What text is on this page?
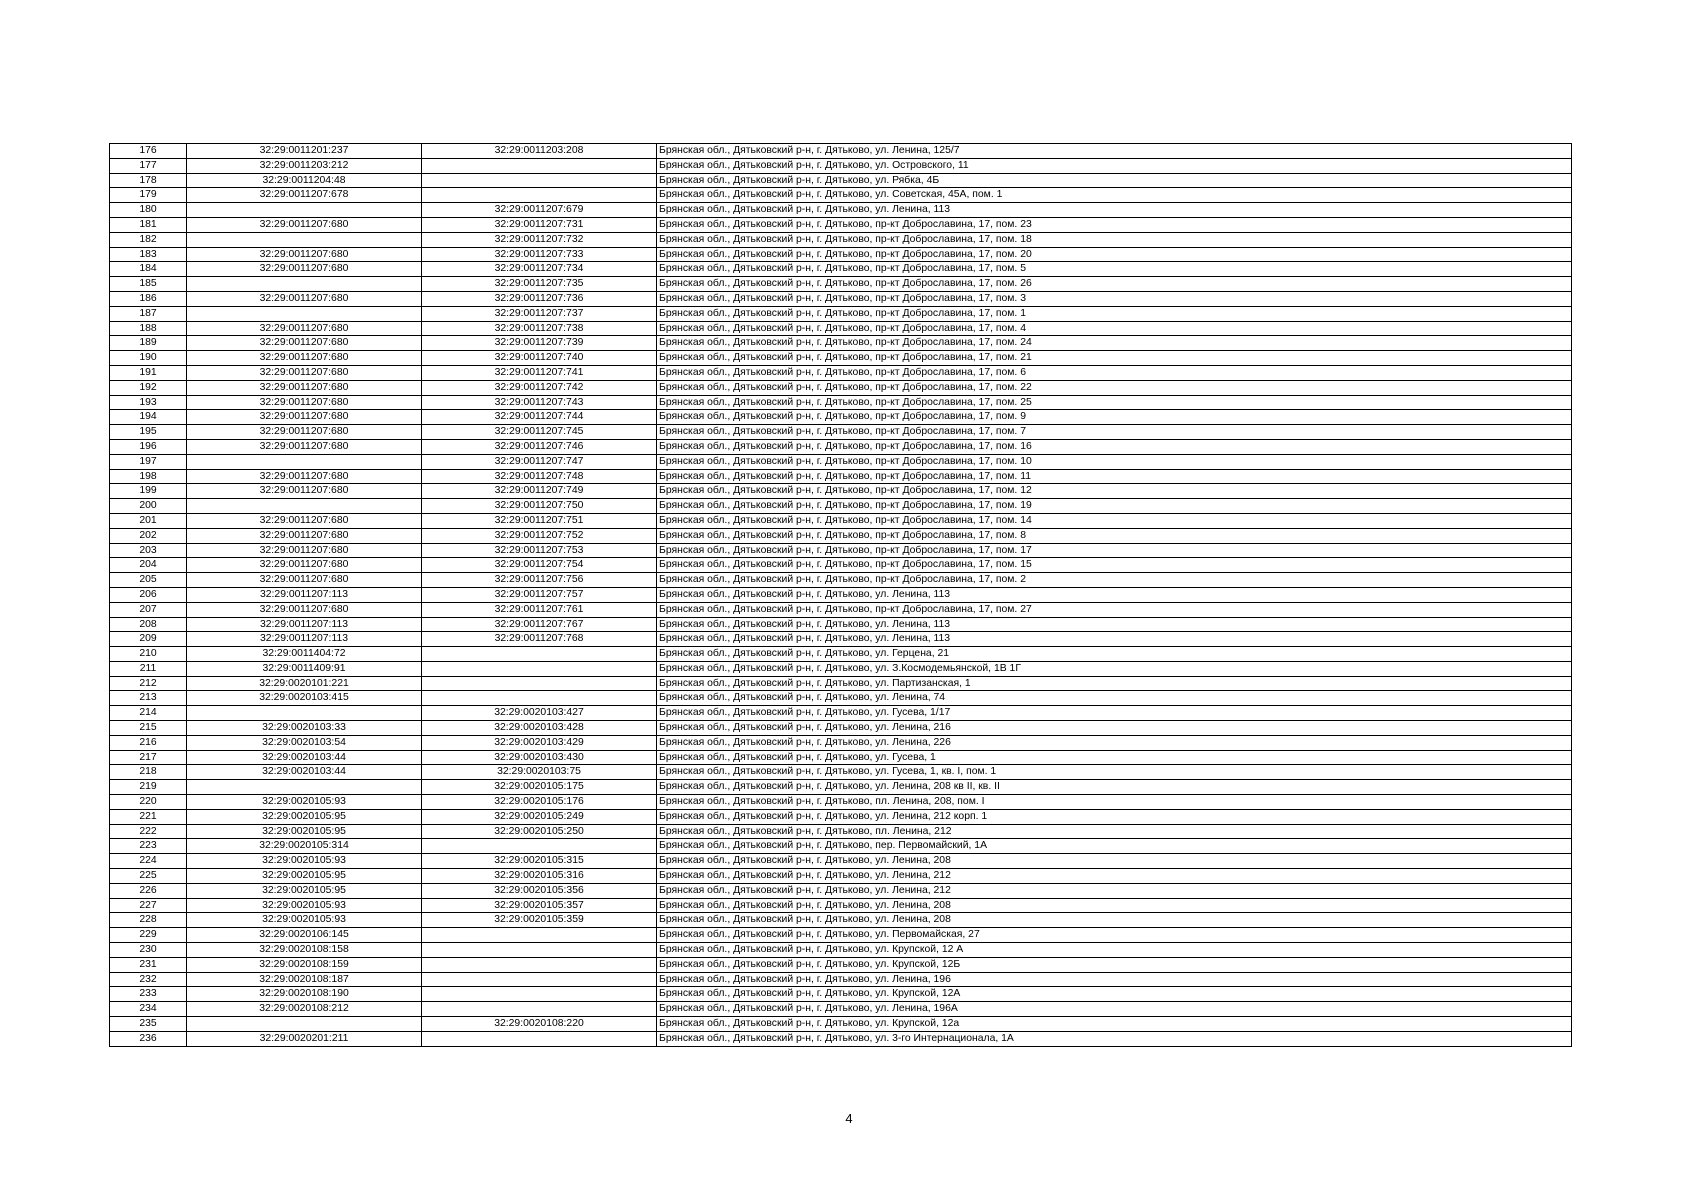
176	32:29:0011201:237	32:29:0011203:208	Брянская обл., Дятьковский р-н, г. Дятьково, ул. Ленина, 125/7
177	32:29:0011203:212		Брянская обл., Дятьковский р-н, г. Дятьково, ул. Островского, 11
178	32:29:0011204:48		Брянская обл., Дятьковский р-н, г. Дятьково, ул. Рябка, 4Б
179	32:29:0011207:678		Брянская обл., Дятьковский р-н, г. Дятьково, ул. Советская, 45А, пом. 1
180		32:29:0011207:679	Брянская обл., Дятьковский р-н, г. Дятьково, ул. Ленина, 113
181	32:29:0011207:680	32:29:0011207:731	Брянская обл., Дятьковский р-н, г. Дятьково, пр-кт Доброславина, 17, пом. 23
182		32:29:0011207:732	Брянская обл., Дятьковский р-н, г. Дятьково, пр-кт Доброславина, 17, пом. 18
183	32:29:0011207:680	32:29:0011207:733	Брянская обл., Дятьковский р-н, г. Дятьково, пр-кт Доброславина, 17, пом. 20
184	32:29:0011207:680	32:29:0011207:734	Брянская обл., Дятьковский р-н, г. Дятьково, пр-кт Доброславина, 17, пом. 5
185		32:29:0011207:735	Брянская обл., Дятьковский р-н, г. Дятьково, пр-кт Доброславина, 17, пом. 26
186	32:29:0011207:680	32:29:0011207:736	Брянская обл., Дятьковский р-н, г. Дятьково, пр-кт Доброславина, 17, пом. 3
187		32:29:0011207:737	Брянская обл., Дятьковский р-н, г. Дятьково, пр-кт Доброславина, 17, пом. 1
188	32:29:0011207:680	32:29:0011207:738	Брянская обл., Дятьковский р-н, г. Дятьково, пр-кт Доброславина, 17, пом. 4
189	32:29:0011207:680	32:29:0011207:739	Брянская обл., Дятьковский р-н, г. Дятьково, пр-кт Доброславина, 17, пом. 24
190	32:29:0011207:680	32:29:0011207:740	Брянская обл., Дятьковский р-н, г. Дятьково, пр-кт Доброславина, 17, пом. 21
191	32:29:0011207:680	32:29:0011207:741	Брянская обл., Дятьковский р-н, г. Дятьково, пр-кт Доброславина, 17, пом. 6
192	32:29:0011207:680	32:29:0011207:742	Брянская обл., Дятьковский р-н, г. Дятьково, пр-кт Доброславина, 17, пом. 22
193	32:29:0011207:680	32:29:0011207:743	Брянская обл., Дятьковский р-н, г. Дятьково, пр-кт Доброславина, 17, пом. 25
194	32:29:0011207:680	32:29:0011207:744	Брянская обл., Дятьковский р-н, г. Дятьково, пр-кт Доброславина, 17, пом. 9
195	32:29:0011207:680	32:29:0011207:745	Брянская обл., Дятьковский р-н, г. Дятьково, пр-кт Доброславина, 17, пом. 7
196	32:29:0011207:680	32:29:0011207:746	Брянская обл., Дятьковский р-н, г. Дятьково, пр-кт Доброславина, 17, пом. 16
197		32:29:0011207:747	Брянская обл., Дятьковский р-н, г. Дятьково, пр-кт Доброславина, 17, пом. 10
198	32:29:0011207:680	32:29:0011207:748	Брянская обл., Дятьковский р-н, г. Дятьково, пр-кт Доброславина, 17, пом. 11
199	32:29:0011207:680	32:29:0011207:749	Брянская обл., Дятьковский р-н, г. Дятьково, пр-кт Доброславина, 17, пом. 12
200		32:29:0011207:750	Брянская обл., Дятьковский р-н, г. Дятьково, пр-кт Доброславина, 17, пом. 19
201	32:29:0011207:680	32:29:0011207:751	Брянская обл., Дятьковский р-н, г. Дятьково, пр-кт Доброславина, 17, пом. 14
202	32:29:0011207:680	32:29:0011207:752	Брянская обл., Дятьковский р-н, г. Дятьково, пр-кт Доброславина, 17, пом. 8
203	32:29:0011207:680	32:29:0011207:753	Брянская обл., Дятьковский р-н, г. Дятьково, пр-кт Доброславина, 17, пом. 17
204	32:29:0011207:680	32:29:0011207:754	Брянская обл., Дятьковский р-н, г. Дятьково, пр-кт Доброславина, 17, пом. 15
205	32:29:0011207:680	32:29:0011207:756	Брянская обл., Дятьковский р-н, г. Дятьково, пр-кт Доброславина, 17, пом. 2
206	32:29:0011207:113	32:29:0011207:757	Брянская обл., Дятьковский р-н, г. Дятьково, ул. Ленина, 113
207	32:29:0011207:680	32:29:0011207:761	Брянская обл., Дятьковский р-н, г. Дятьково, пр-кт Доброславина, 17, пом. 27
208	32:29:0011207:113	32:29:0011207:767	Брянская обл., Дятьковский р-н, г. Дятьково, ул. Ленина, 113
209	32:29:0011207:113	32:29:0011207:768	Брянская обл., Дятьковский р-н, г. Дятьково, ул. Ленина, 113
210	32:29:0011404:72		Брянская обл., Дятьковский р-н, г. Дятьково, ул. Герцена, 21
211	32:29:0011409:91		Брянская обл., Дятьковский р-н, г. Дятьково, ул. З.Космодемьянской, 1В 1Г
212	32:29:0020101:221		Брянская обл., Дятьковский р-н, г. Дятьково, ул. Партизанская, 1
213	32:29:0020103:415		Брянская обл., Дятьковский р-н, г. Дятьково, ул. Ленина, 74
214		32:29:0020103:427	Брянская обл., Дятьковский р-н, г. Дятьково, ул. Гусева, 1/17
215	32:29:0020103:33	32:29:0020103:428	Брянская обл., Дятьковский р-н, г. Дятьково, ул. Ленина, 216
216	32:29:0020103:54	32:29:0020103:429	Брянская обл., Дятьковский р-н, г. Дятьково, ул. Ленина, 226
217	32:29:0020103:44	32:29:0020103:430	Брянская обл., Дятьковский р-н, г. Дятьково, ул. Гусева, 1
218	32:29:0020103:44	32:29:0020103:75	Брянская обл., Дятьковский р-н, г. Дятьково, ул. Гусева, 1, кв. I, пом. 1
219		32:29:0020105:175	Брянская обл., Дятьковский р-н, г. Дятьково, ул. Ленина, 208 кв II, кв. II
220	32:29:0020105:93	32:29:0020105:176	Брянская обл., Дятьковский р-н, г. Дятьково, пл. Ленина, 208, пом. I
221	32:29:0020105:95	32:29:0020105:249	Брянская обл., Дятьковский р-н, г. Дятьково, ул. Ленина, 212 корп. 1
222	32:29:0020105:95	32:29:0020105:250	Брянская обл., Дятьковский р-н, г. Дятьково, пл. Ленина, 212
223	32:29:0020105:314		Брянская обл., Дятьковский р-н, г. Дятьково, пер. Первомайский, 1А
224	32:29:0020105:93	32:29:0020105:315	Брянская обл., Дятьковский р-н, г. Дятьково, ул. Ленина, 208
225	32:29:0020105:95	32:29:0020105:316	Брянская обл., Дятьковский р-н, г. Дятьково, ул. Ленина, 212
226	32:29:0020105:95	32:29:0020105:356	Брянская обл., Дятьковский р-н, г. Дятьково, ул. Ленина, 212
227	32:29:0020105:93	32:29:0020105:357	Брянская обл., Дятьковский р-н, г. Дятьково, ул. Ленина, 208
228	32:29:0020105:93	32:29:0020105:359	Брянская обл., Дятьковский р-н, г. Дятьково, ул. Ленина, 208
229	32:29:0020106:145		Брянская обл., Дятьковский р-н, г. Дятьково, ул. Первомайская, 27
230	32:29:0020108:158		Брянская обл., Дятьковский р-н, г. Дятьково, ул. Крупской, 12 А
231	32:29:0020108:159		Брянская обл., Дятьковский р-н, г. Дятьково, ул. Крупской, 12Б
232	32:29:0020108:187		Брянская обл., Дятьковский р-н, г. Дятьково, ул. Ленина, 196
233	32:29:0020108:190		Брянская обл., Дятьковский р-н, г. Дятьково, ул. Крупской, 12А
234	32:29:0020108:212		Брянская обл., Дятьковский р-н, г. Дятьково, ул. Ленина, 196А
235		32:29:0020108:220	Брянская обл., Дятьковский р-н, г. Дятьково, ул. Крупской, 12а
236	32:29:0020201:211		Брянская обл., Дятьковский р-н, г. Дятьково, ул. 3-го Интернационала, 1А
4
